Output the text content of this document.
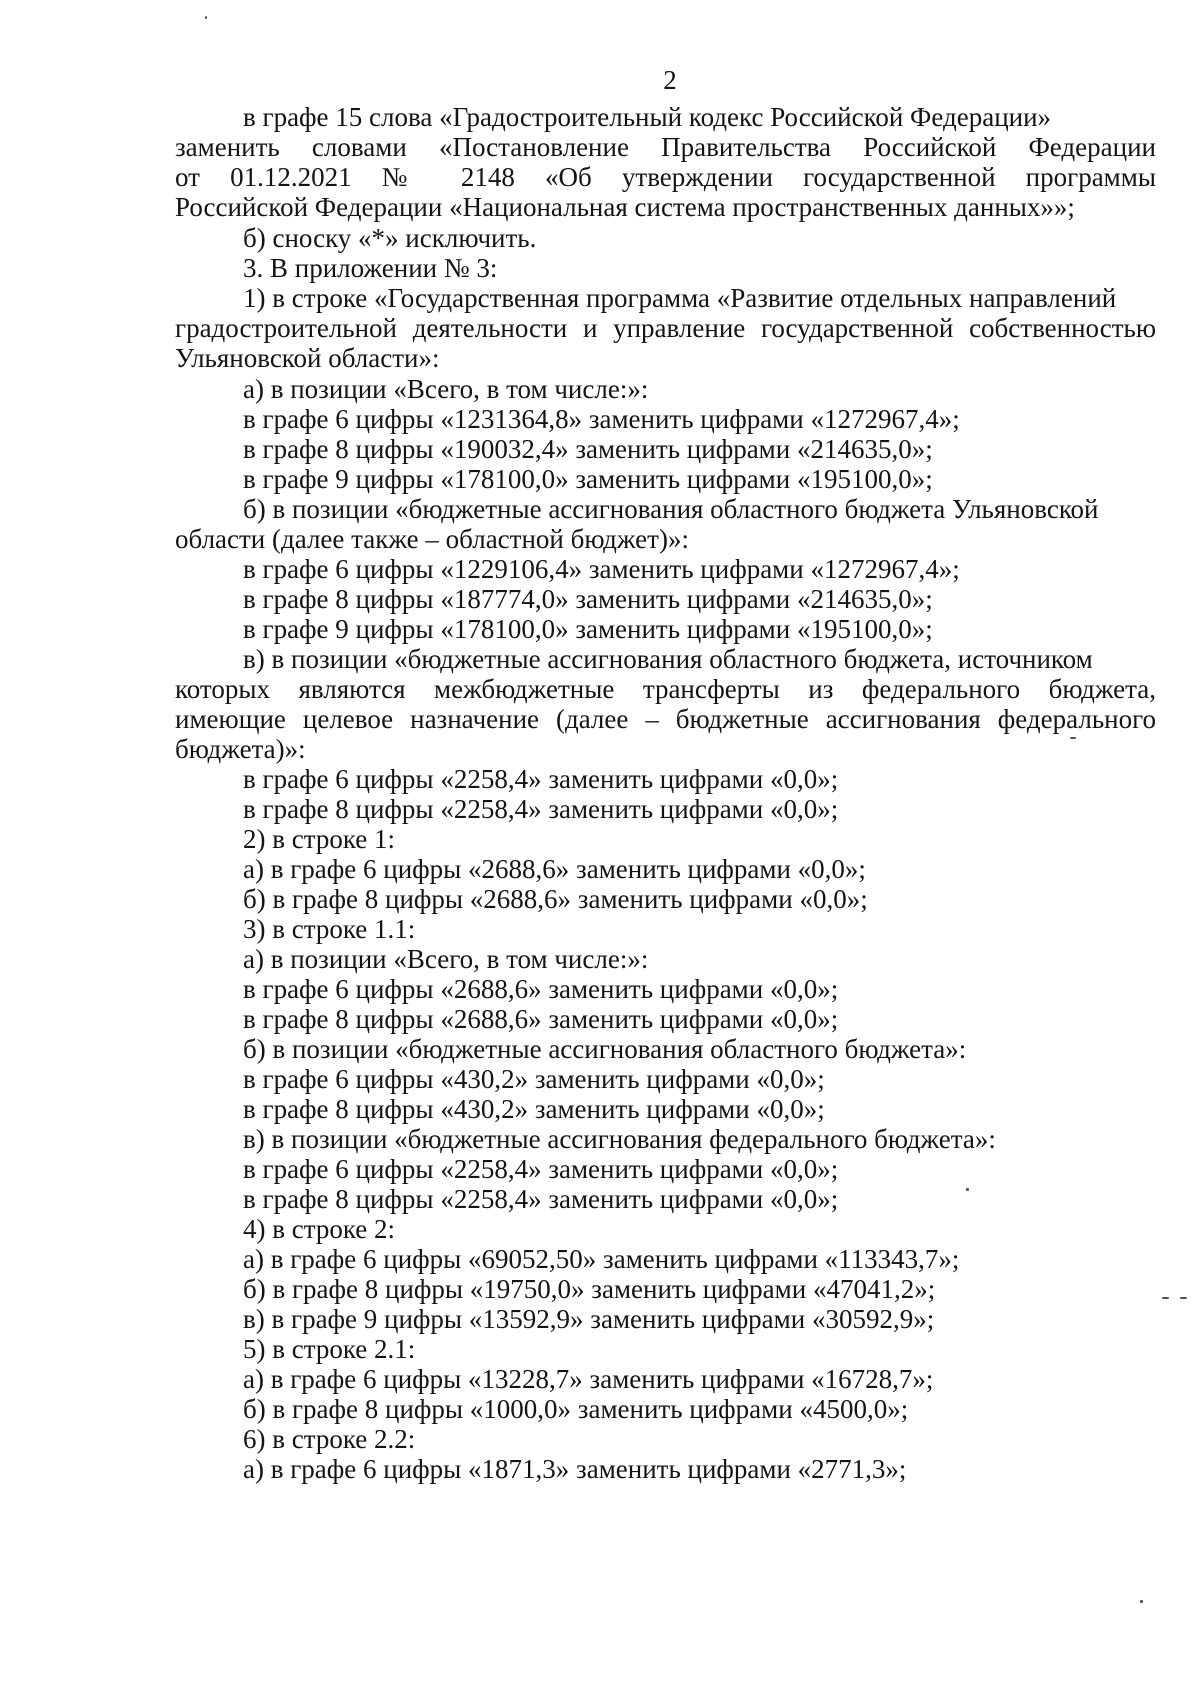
2
в графе 15 слова «Градостроительный кодекс Российской Федерации»
заменить словами «Постановление Правительства Российской Федерации
от 01.12.2021 № 2148 «Об утверждении государственной программы
Российской Федерации «Национальная система пространственных данных»»;
б) сноску «*» исключить.
3. В приложении № 3:
1) в строке «Государственная программа «Развитие отдельных направлений
градостроительной деятельности и управление государственной собственностью
Ульяновской области»:
а) в позиции «Всего, в том числе:»:
в графе 6 цифры «1231364,8» заменить цифрами «1272967,4»;
в графе 8 цифры «190032,4» заменить цифрами «214635,0»;
в графе 9 цифры «178100,0» заменить цифрами «195100,0»;
б) в позиции «бюджетные ассигнования областного бюджета Ульяновской
области (далее также – областной бюджет)»:
в графе 6 цифры «1229106,4» заменить цифрами «1272967,4»;
в графе 8 цифры «187774,0» заменить цифрами «214635,0»;
в графе 9 цифры «178100,0» заменить цифрами «195100,0»;
в) в позиции «бюджетные ассигнования областного бюджета, источником
которых являются межбюджетные трансферты из федерального бюджета,
имеющие целевое назначение (далее – бюджетные ассигнования федерального
бюджета)»:
в графе 6 цифры «2258,4» заменить цифрами «0,0»;
в графе 8 цифры «2258,4» заменить цифрами «0,0»;
2) в строке 1:
а) в графе 6 цифры «2688,6» заменить цифрами «0,0»;
б) в графе 8 цифры «2688,6» заменить цифрами «0,0»;
3) в строке 1.1:
а) в позиции «Всего, в том числе:»:
в графе 6 цифры «2688,6» заменить цифрами «0,0»;
в графе 8 цифры «2688,6» заменить цифрами «0,0»;
б) в позиции «бюджетные ассигнования областного бюджета»:
в графе 6 цифры «430,2» заменить цифрами «0,0»;
в графе 8 цифры «430,2» заменить цифрами «0,0»;
в) в позиции «бюджетные ассигнования федерального бюджета»:
в графе 6 цифры «2258,4» заменить цифрами «0,0»;
в графе 8 цифры «2258,4» заменить цифрами «0,0»;
4) в строке 2:
а) в графе 6 цифры «69052,50» заменить цифрами «113343,7»;
б) в графе 8 цифры «19750,0» заменить цифрами «47041,2»;
в) в графе 9 цифры «13592,9» заменить цифрами «30592,9»;
5) в строке 2.1:
а) в графе 6 цифры «13228,7» заменить цифрами «16728,7»;
б) в графе 8 цифры «1000,0» заменить цифрами «4500,0»;
6) в строке 2.2:
а) в графе 6 цифры «1871,3» заменить цифрами «2771,3»;
